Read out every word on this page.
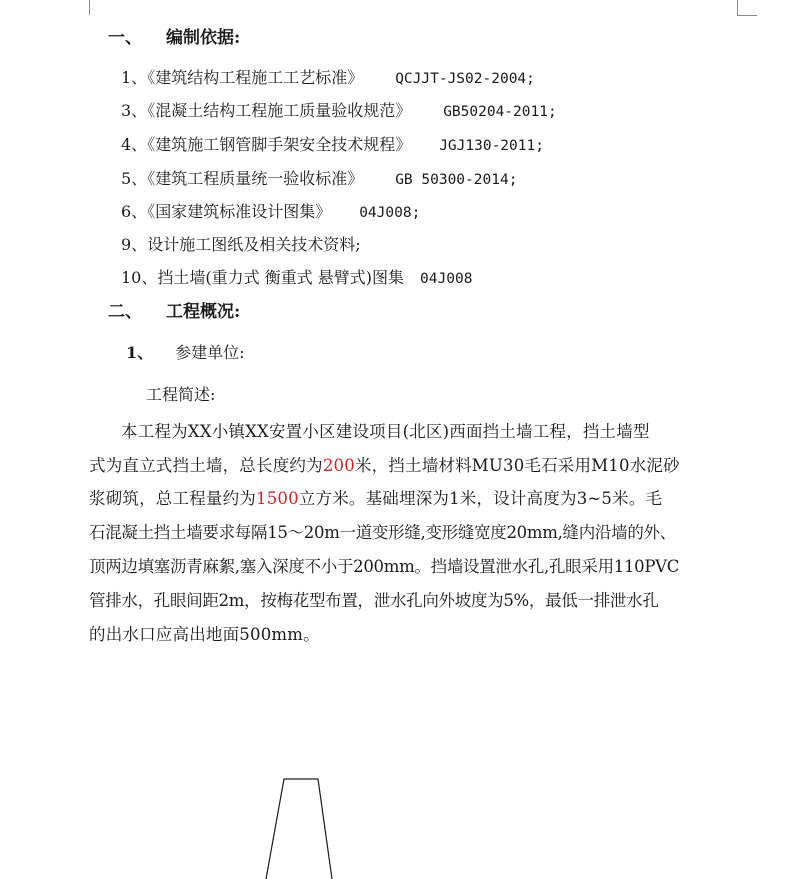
一、 编制依据:
1、《建筑结构工程施工工艺标准》 QCJJT-JS02-2004;
3、《混凝土结构工程施工质量验收规范》 GB50204-2011;
4、《建筑施工钢管脚手架安全技术规程》 JGJ130-2011;
5、《建筑工程质量统一验收标准》 GB 50300-2014;
6、《国家建筑标准设计图集》 04J008;
9、设计施工图纸及相关技术资料;
10、挡土墙(重力式 衡重式 悬臂式)图集 04J008
二、 工程概况:
1、 参建单位:
工程简述:
本工程为XX小镇XX安置小区建设项目(北区)西面挡土墙工程，挡土墙型
式为直立式挡土墙，总长度约为200米，挡土墙材料MU30毛石采用M10水泥砂
浆砌筑，总工程量约为1500立方米。基础埋深为1米，设计高度为3~5米。毛
石混凝土挡土墙要求每隔15～20m一道变形缝,变形缝宽度20mm,缝内沿墙的外、
顶两边填塞沥青麻絮,塞入深度不小于200mm。挡墙设置泄水孔,孔眼采用110PVC
管排水，孔眼间距2m，按梅花型布置，泄水孔向外坡度为5%，最低一排泄水孔
的出水口应高出地面500mm。
